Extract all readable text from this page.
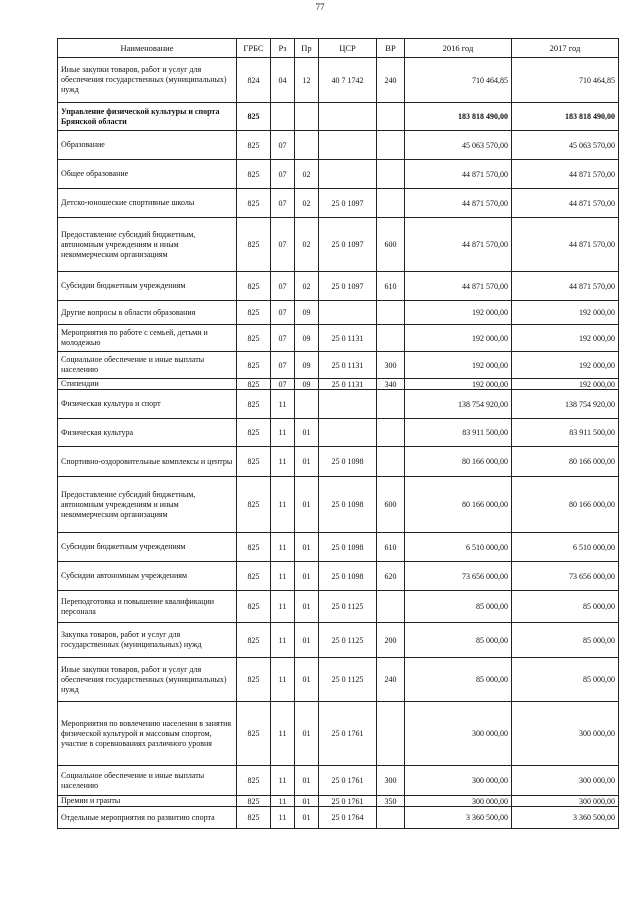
77
Наименование	ГРБС	Рз	Пр	ЦСР	ВР	2016 год	2017 год
Иные закупки товаров, работ и услуг для обеспечения государственных (муниципальных) нужд	824	04	12	40 7 1742	240	710 464,85	710 464,85
Управление физической культуры и спорта Брянской области	825					183 818 490,00	183 818 490,00
Образование	825	07				45 063 570,00	45 063 570,00
Общее образование	825	07	02			44 871 570,00	44 871 570,00
Детско-юношеские спортивные школы	825	07	02	25 0 1097		44 871 570,00	44 871 570,00
Предоставление субсидий бюджетным, автономным учреждениям и иным некоммерческим организациям	825	07	02	25 0 1097	600	44 871 570,00	44 871 570,00
Субсидии бюджетным учреждениям	825	07	02	25 0 1097	610	44 871 570,00	44 871 570,00
Другие вопросы в области образования	825	07	09			192 000,00	192 000,00
Мероприятия по работе с семьей, детьми и молодежью	825	07	09	25 0 1131		192 000,00	192 000,00
Социальное обеспечение и иные выплаты населению	825	07	09	25 0 1131	300	192 000,00	192 000,00
Стипендии	825	07	09	25 0 1131	340	192 000,00	192 000,00
Физическая культура и спорт	825	11				138 754 920,00	138 754 920,00
Физическая культура	825	11	01			83 911 500,00	83 911 500,00
Спортивно-оздоровительные комплексы и центры	825	11	01	25 0 1098		80 166 000,00	80 166 000,00
Предоставление субсидий бюджетным, автономным учреждениям и иным некоммерческим организациям	825	11	01	25 0 1098	600	80 166 000,00	80 166 000,00
Субсидии бюджетным учреждениям	825	11	01	25 0 1098	610	6 510 000,00	6 510 000,00
Субсидии автономным учреждениям	825	11	01	25 0 1098	620	73 656 000,00	73 656 000,00
Переподготовка и повышение квалификации персонала	825	11	01	25 0 1125		85 000,00	85 000,00
Закупка товаров, работ и услуг для государственных (муниципальных) нужд	825	11	01	25 0 1125	200	85 000,00	85 000,00
Иные закупки товаров, работ и услуг для обеспечения государственных (муниципальных) нужд	825	11	01	25 0 1125	240	85 000,00	85 000,00
Мероприятия по вовлечению населения в занятия физической культурой и массовым спортом, участие в соревнованиях различного уровня	825	11	01	25 0 1761		300 000,00	300 000,00
Социальное обеспечение и иные выплаты населению	825	11	01	25 0 1761	300	300 000,00	300 000,00
Премии и гранты	825	11	01	25 0 1761	350	300 000,00	300 000,00
Отдельные мероприятия по развитию спорта	825	11	01	25 0 1764		3 360 500,00	3 360 500,00
